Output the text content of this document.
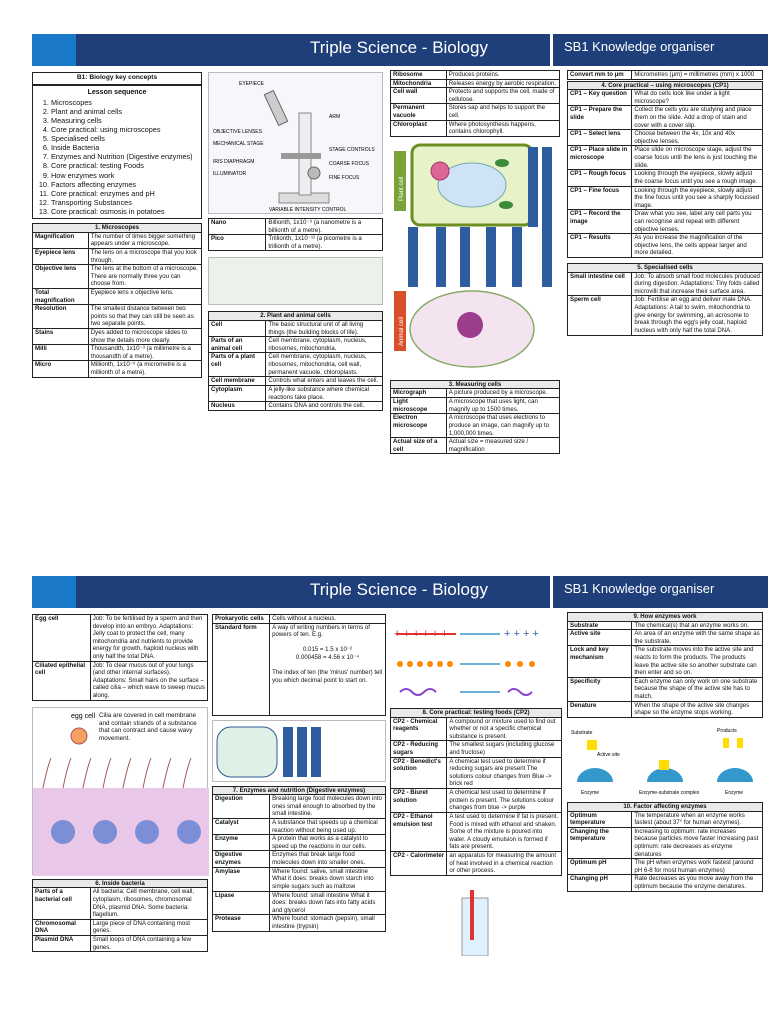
Triple Science - Biology	SB1 Knowledge organiser
B1: Biology key concepts
Lesson sequence
1. Microscopes
2. Plant and animal cells
3. Measuring cells
4. Core practical: using microscopes
5. Specialised cells
6. Inside Bacteria
7. Enzymes and Nutrition (Digestive enzymes)
8. Core practical: testing Foods
9. How enzymes work
10. Factors affecting enzymes
11. Core practical: enzymes and pH
12. Transporting Substances
13. Core practical: osmosis in potatoes
1. Microscopes	
Magnification	The number of times bigger something appears under a microscope.
Eyepiece lens	The lens on a microscope that you look through.
Objective lens	The lens at the bottom of a microscope. There are normally three you can choose from.
Total magnification	Eyepiece lens x objective lens.
Resolution	The smallest distance between two points so that they can still be seen as two separate points.
Stains	Dyes added to microscope slides to show the details more clearly.
Milli	Thousandth, 1x10⁻³ (a millimetre is a thousandth of a metre).
Micro	Millionth, 1x10⁻⁶ (a micrometre is a millionth of a metre).
EYEPIECE
ARM
OBJECTIVE LENSES
MECHANICAL STAGE
STAGE CONTROLS
IRIS DIAPHRAGM	COARSE FOCUS
ILLUMINATOR
FINE FOCUS
VARIABLE INTENSITY CONTROL
Nano	Billionth, 1x10⁻⁹ (a nanometre is a billionth of a metre).
Pico	Trillionth, 1x10⁻¹² (a picometre is a trillionth of a metre).
2. Plant and animal cells	
Cell	The basic structural unit of all living things (the building blocks of life).
Parts of an animal cell	Cell membrane, cytoplasm, nucleus, ribosomes, mitochondria.
Parts of a plant cell	Cell membrane, cytoplasm, nucleus, ribosomes, mitochondria, cell wall, permanent vacuole, chloroplasts.
Cell membrane	Controls what enters and leaves the cell.
Cytoplasm	A jelly-like substance where chemical reactions take place.
Nucleus	Contains DNA and controls the cell.
Ribosome	Produces proteins.
Mitochondria	Releases energy by aerobic respiration.
Cell wall	Protects and supports the cell, made of cellulose.
Permanent vacuole	Stores sap and helps to support the cell.
Chloroplast	Where photosynthesis happens, contains chlorophyll.
Plant cell
Animal cell
3. Measuring cells	
Micrograph	A picture produced by a microscope.
Light microscope	A microscope that uses light, can magnify up to 1500 times.
Electron microscope	A microscope that uses electrons to produce an image, can magnify up to 1,000,000 times.
Actual size of a cell	Actual size = measured size / magnification
Convert mm to µm	Micrometres (µm) = millimetres (mm) x 1000
4. Core practical – using microscopes (CP1)	
CP1 – Key question	What do cells look like under a light microscope?
CP1 – Prepare the slide	Collect the cells you are studying and place them on the slide. Add a drop of stain and cover with a cover slip.
CP1 – Select lens	Choose between the 4x, 10x and 40x objective lenses.
CP1 – Place slide in microscope	Place slide on microscope stage, adjust the coarse focus until the lens is just touching the slide.
CP1 – Rough focus	Looking through the eyepiece, slowly adjust the coarse focus until you see a rough image.
CP1 – Fine focus	Looking through the eyepiece, slowly adjust the fine focus until you see a sharply focussed image.
CP1 – Record the image	Draw what you see, label any cell parts you can recognise and repeat with different objective lenses.
CP1 – Results	As you increase the magnification of the objective lens, the cells appear larger and more detailed.
5. Specialised cells	
Small intestine cell	Job: To absorb small food molecules produced during digestion. Adaptations: Tiny folds called microvilli that increase their surface area.
Sperm cell	Job: Fertilise an egg and deliver male DNA. Adaptations: A tail to swim, mitochondria to give energy for swimming, an acrosome to break through the egg's jelly coat, haploid nucleus with only half the total DNA.
Triple Science - Biology	SB1 Knowledge organiser
Egg cell	Job: To be fertilised by a sperm and then develop into an embryo. Adaptations: Jelly coat to protect the cell, many mitochondria and nutrients to provide energy for growth, haploid nucleus with only half the total DNA.
Ciliated epithelial cell	Job: To clear mucus out of your lungs (and other internal surfaces). Adaptations: Small hairs on the surface – called cilia – which wave to sweep mucus along.
egg cell Cilia are covered in cell membrane and contain strands of a substance that can contract and cause wavy movement.
6. Inside bacteria	
Parts of a bacterial cell	All bacteria: Cell membrane, cell wall, cytoplasm, ribosomes, chromosomal DNA, plasmid DNA. Some bacteria: flagellum.
Chromosomal DNA	Large piece of DNA containing most genes.
Plasmid DNA	Small loops of DNA containing a few genes.
Prokaryotic cells	Cells without a nucleus.
Standard form	A way of writing numbers in terms of powers of ten. E.g.

0.015 = 1.5 x 10⁻²
0.000458 = 4.56 x 10⁻⁴

The index of ten (the 'minus' number) tell you which decimal point to start on.
7. Enzymes and nutrition (Digestive enzymes)	
Digestion	Breaking large food molecules down into ones small enough to absorbed by the small intestine.
Catalyst	A substance that speeds up a chemical reaction without being used up.
Enzyme	A protein that works as a catalyst to speed up the reactions in our cells.
Digestive enzymes	Enzymes that break large food molecules down into smaller ones.
Amylase	Where found: salive, small intestine What it does: breaks down starch into simple sugars such as maltose
Lipase	Where found: small intestine What it does: breaks down fats into fatty acids and glycerol
Protease	Where found: stomach (pepsin), small intestine (trypsin)
+ + + + + +	+ + + +
8. Core practical: testing foods (CP2)	
CP2 - Chemical reagents	A compound or mixture used to find out whether or not a specific chemical substance is present.
CP2 - Reducing sugars	The smallest sugars (including glucose and fructose)
CP2 - Benedict's solution	A chemical test used to determine if reducing sugars are present The solutions colour changes from Blue -> brick red
CP2 - Biuret solution	A chemical test used to determine if protein is present. The solutions colour changes from blue -> purple
CP2 - Ethanol emulsion test	A test used to determine if fat is present. Food is mixed with ethanol and shaken. Some of the mixture is poured into water. A cloudy emulsion is formed if fats are present.
CP2 - Calorimeter	an apparatus for measuring the amount of heat involved in a chemical reaction or other process.
9. How enzymes work	
Substrate	The chemical(s) that an enzyme works on.
Active site	An area of an enzyme with the same shape as the substrate.
Lock and key mechanism	The substrate moves into the active site and reacts to form the products. The products leave the active site so another substrate can then enter and so on.
Specificity	Each enzyme can only work on one substrate because the shape of the active site has to match.
Denature	When the shape of the active site changes shape so the enzyme stops working.
Substrate	Products
Active site
Enzyme	Enzyme-substrate complex	Enzyme
10. Factor affecting enzymes	
Optimum temperature	The temperature when an enzyme works fastest (about 37° for human enzymes).
Changing the temperature	Increasing to optimum: rate increases because particles move faster Increasing past optimum: rate decreases as enzyme denatures
Optimum pH	The pH when enzymes work fastest (around pH 6-8 for most human enzymes)
Changing pH	Rate decreases as you move away from the optimum because the enzyme denatures.
